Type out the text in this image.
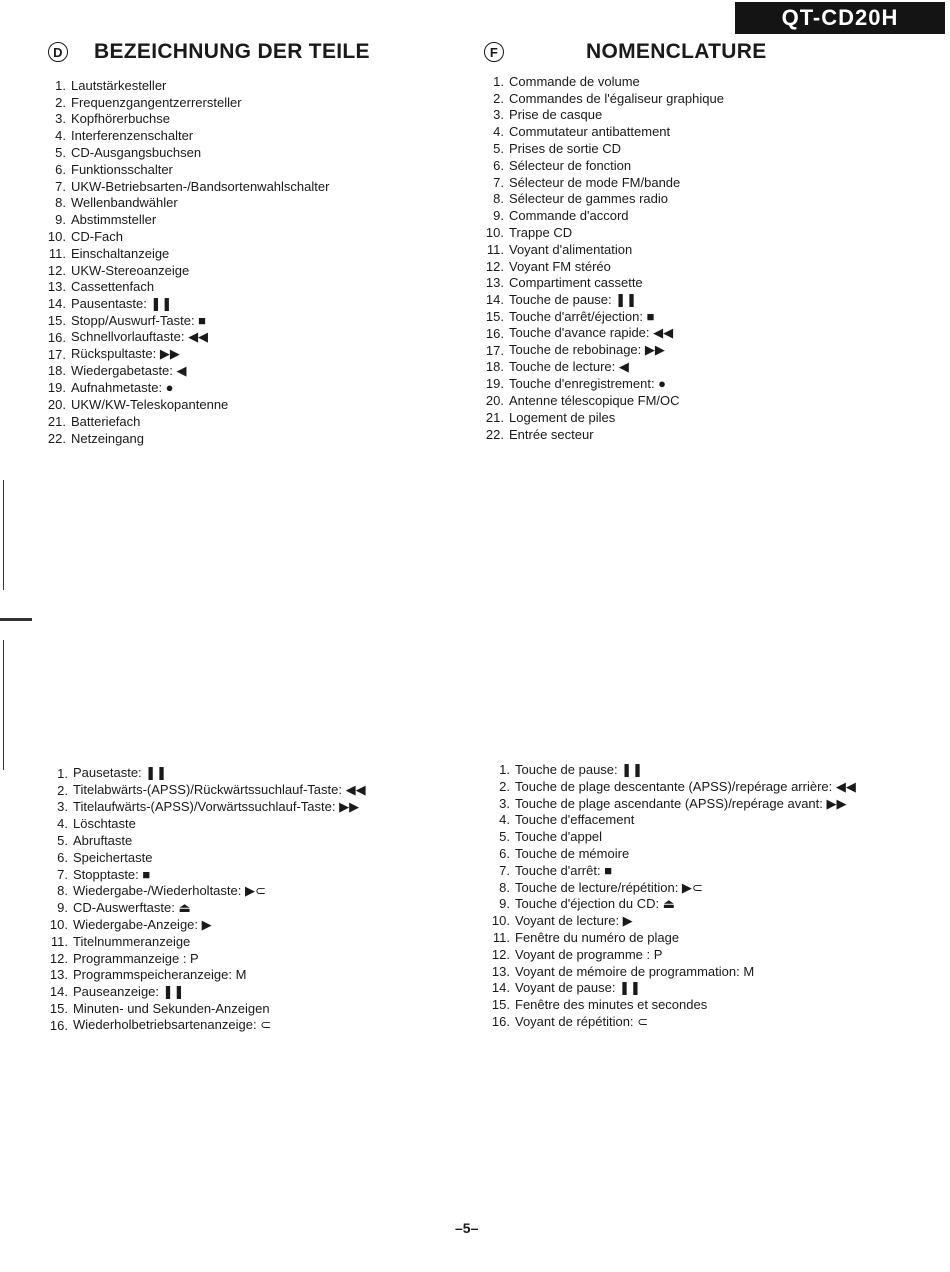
QT-CD20H
D BEZEICHNUNG DER TEILE	F	NOMENCLATURE
1. Lautstärkesteller
2. Frequenzgangentzerrersteller
3. Kopfhörerbuchse
4. Interferenzenschalter
5. CD-Ausgangsbuchsen
6. Funktionsschalter
7. UKW-Betriebsarten-/Bandsortenwahlschalter
8. Wellenbandwähler
9. Abstimmsteller
10. CD-Fach
11. Einschaltanzeige
12. UKW-Stereoanzeige
13. Cassettenfach
14. Pausentaste: ❚❚
15. Stopp/Auswurf-Taste: ■
16. Schnellvorlauftaste: ◀◀
17. Rückspultaste: ▶▶
18. Wiedergabetaste: ◀
19. Aufnahmetaste: ●
20. UKW/KW-Teleskopantenne
21. Batteriefach
22. Netzeingang
1. Commande de volume
2. Commandes de l'égaliseur graphique
3. Prise de casque
4. Commutateur antibattement
5. Prises de sortie CD
6. Sélecteur de fonction
7. Sélecteur de mode FM/bande
8. Sélecteur de gammes radio
9. Commande d'accord
10. Trappe CD
11. Voyant d'alimentation
12. Voyant FM stéréo
13. Compartiment cassette
14. Touche de pause: ❚❚
15. Touche d'arrêt/éjection: ■
16. Touche d'avance rapide: ◀◀
17. Touche de rebobinage: ▶▶
18. Touche de lecture: ◀
19. Touche d'enregistrement: ●
20. Antenne télescopique FM/OC
21. Logement de piles
22. Entrée secteur
1. Pausetaste: ❚❚
2. Titelabwärts-(APSS)/Rückwärtssuchlauf-Taste: ◀◀
3. Titelaufwärts-(APSS)/Vorwärtssuchlauf-Taste: ▶▶
4. Löschtaste
5. Abruftaste
6. Speichertaste
7. Stopptaste: ■
8. Wiedergabe-/Wiederholtaste: ▶⊂
9. CD-Auswerftaste: ⏏
10. Wiedergabe-Anzeige: ▶
11. Titelnummeranzeige
12. Programmanzeige : P
13. Programmspeicheranzeige: M
14. Pauseanzeige: ❚❚
15. Minuten- und Sekunden-Anzeigen
16. Wiederholbetriebsartenanzeige: ⊂
1. Touche de pause: ❚❚
2. Touche de plage descentante (APSS)/repérage arrière: ◀◀
3. Touche de plage ascendante (APSS)/repérage avant: ▶▶
4. Touche d'effacement
5. Touche d'appel
6. Touche de mémoire
7. Touche d'arrêt: ■
8. Touche de lecture/répétition: ▶⊂
9. Touche d'éjection du CD: ⏏
10. Voyant de lecture: ▶
11. Fenêtre du numéro de plage
12. Voyant de programme : P
13. Voyant de mémoire de programmation: M
14. Voyant de pause: ❚❚
15. Fenêtre des minutes et secondes
16. Voyant de répétition: ⊂
–5–
